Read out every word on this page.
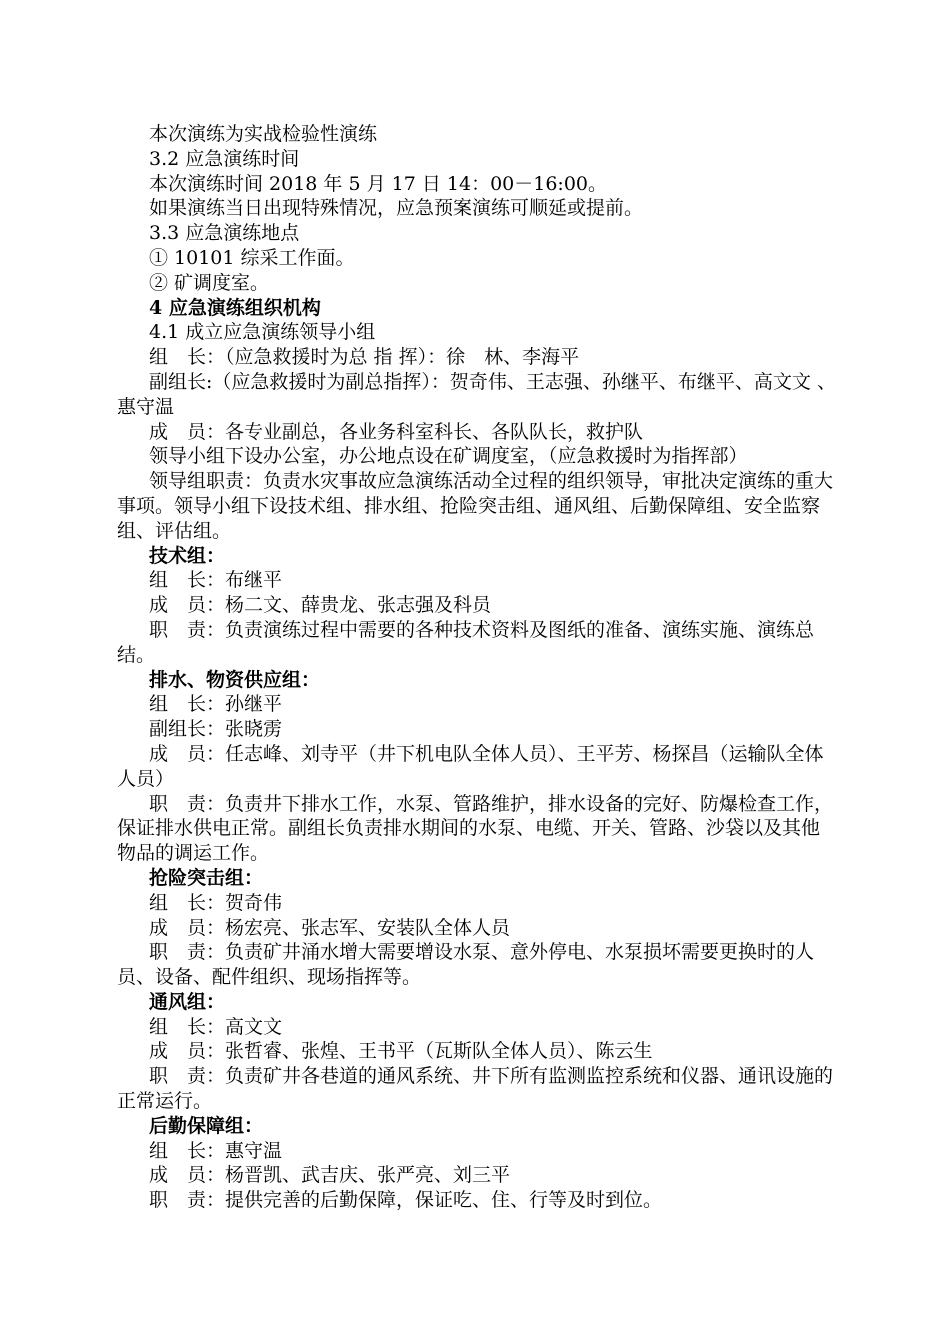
本次演练为实战检验性演练

3.2 应急演练时间

本次演练时间 2018 年 5 月 17 日 14：00－16:00。

如果演练当日出现特殊情况，应急预案演练可顺延或提前。

3.3 应急演练地点

① 10101 综采工作面。

② 矿调度室。

4 应急演练组织机构

4.1 成立应急演练领导小组

组　长：（应急救援时为总 指 挥）：徐　林、李海平

副组长:（应急救援时为副总指挥）：贺奇伟、王志强、孙继平、布继平、高文文 、惠守温

成　员：各专业副总，各业务科室科长、各队队长，救护队

领导小组下设办公室，办公地点设在矿调度室，（应急救援时为指挥部）

领导组职责：负责水灾事故应急演练活动全过程的组织领导，审批决定演练的重大事项。领导小组下设技术组、排水组、抢险突击组、通风组、后勤保障组、安全监察组、评估组。

技术组：

组　长：布继平

成　员：杨二文、薛贵龙、张志强及科员

职　责：负责演练过程中需要的各种技术资料及图纸的准备、演练实施、演练总结。

排水、物资供应组：

组　长：孙继平

副组长：张晓雳

成　员：任志峰、刘寺平（井下机电队全体人员）、王平芳、杨探昌（运输队全体人员）

职　责：负责井下排水工作，水泵、管路维护，排水设备的完好、防爆检查工作，保证排水供电正常。副组长负责排水期间的水泵、电缆、开关、管路、沙袋以及其他物品的调运工作。

抢险突击组：

组　长：贺奇伟

成　员：杨宏亮、张志军、安装队全体人员

职　责：负责矿井涌水增大需要增设水泵、意外停电、水泵损坏需要更换时的人员、设备、配件组织、现场指挥等。

通风组：

组　长：高文文

成　员：张哲睿、张煌、王书平（瓦斯队全体人员）、陈云生

职　责：负责矿井各巷道的通风系统、井下所有监测监控系统和仪器、通讯设施的正常运行。

后勤保障组：

组　长：惠守温

成　员：杨晋凯、武吉庆、张严亮、刘三平

职　责：提供完善的后勤保障，保证吃、住、行等及时到位。
